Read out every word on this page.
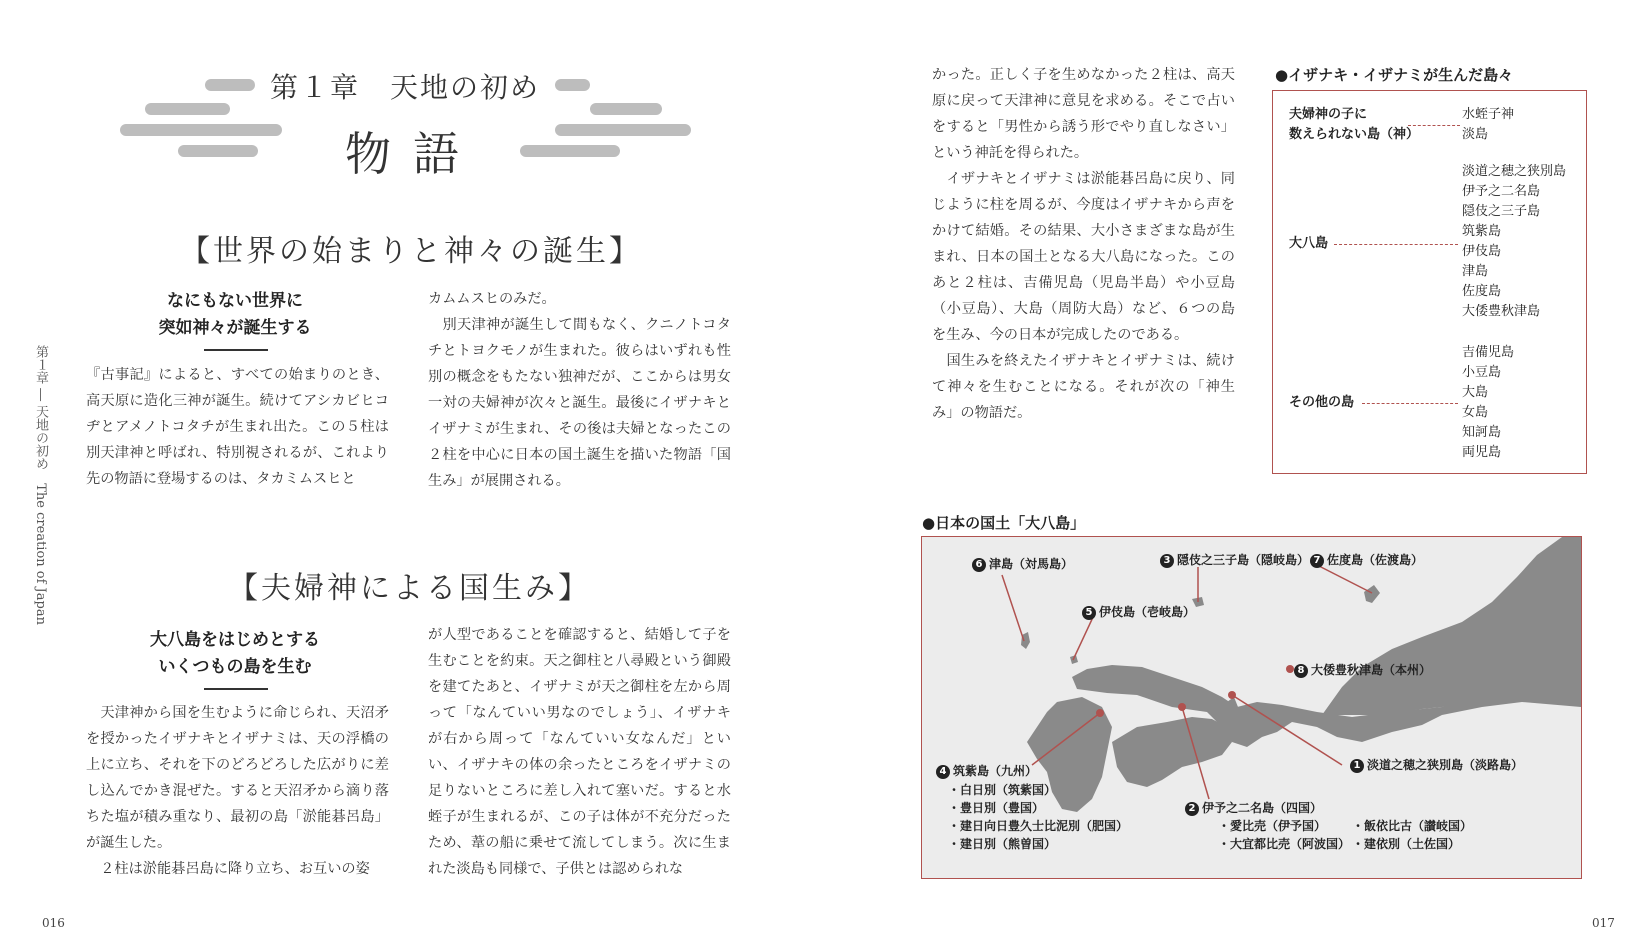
第１章　天地の初め
物語
第１章 ― 天地の初め　The creation of Japan
【世界の始まりと神々の誕生】
なにもない世界に
突如神々が誕生する
『古事記』によると、すべての始まりのとき、高天原に造化三神が誕生。続けてアシカビヒコヂとアメノトコタチが生まれ出た。この５柱は別天津神と呼ばれ、特別視されるが、これより先の物語に登場するのは、タカミムスヒと
カムムスヒのみだ。
　別天津神が誕生して間もなく、クニノトコタチとトヨクモノが生まれた。彼らはいずれも性別の概念をもたない独神だが、ここからは男女一対の夫婦神が次々と誕生。最後にイザナキとイザナミが生まれ、その後は夫婦となったこの２柱を中心に日本の国土誕生を描いた物語「国生み」が展開される。
【夫婦神による国生み】
大八島をはじめとする
いくつもの島を生む
　天津神から国を生むように命じられ、天沼矛を授かったイザナキとイザナミは、天の浮橋の上に立ち、それを下のどろどろした広がりに差し込んでかき混ぜた。すると天沼矛から滴り落ちた塩が積み重なり、最初の島「淤能碁呂島」が誕生した。
　２柱は淤能碁呂島に降り立ち、お互いの姿
が人型であることを確認すると、結婚して子を生むことを約束。天之御柱と八尋殿という御殿を建てたあと、イザナミが天之御柱を左から周って「なんていい男なのでしょう」、イザナキが右から周って「なんていい女なんだ」といい、イザナキの体の余ったところをイザナミの足りないところに差し入れて塞いだ。すると水蛭子が生まれるが、この子は体が不充分だったため、葦の船に乗せて流してしまう。次に生まれた淡島も同様で、子供とは認められな
016
かった。正しく子を生めなかった２柱は、高天原に戻って天津神に意見を求める。そこで占いをすると「男性から誘う形でやり直しなさい」という神託を得られた。
　イザナキとイザナミは淤能碁呂島に戻り、同じように柱を周るが、今度はイザナキから声をかけて結婚。その結果、大小さまざまな島が生まれ、日本の国土となる大八島になった。このあと２柱は、吉備児島（児島半島）や小豆島（小豆島）、大島（周防大島）など、６つの島を生み、今の日本が完成したのである。
　国生みを終えたイザナキとイザナミは、続けて神々を生むことになる。それが次の「神生み」の物語だ。
●イザナキ・イザナミが生んだ島々
夫婦神の子に
数えられない島（神）
水蛭子神
淡島
大八島
淡道之穂之狭別島
伊予之二名島
隠伎之三子島
筑紫島
伊伎島
津島
佐度島
大倭豊秋津島
その他の島
吉備児島
小豆島
大島
女島
知訶島
両児島
●日本の国土「大八島」
6 津島（対馬島）	3 隠伎之三子島（隠岐島） 7 佐度島（佐渡島）
5 伊伎島（壱岐島）
8 大倭豊秋津島（本州）
1 淡道之穂之狭別島（淡路島）
4 筑紫島（九州）
・白日別（筑紫国）
・豊日別（豊国）
・建日向日豊久士比泥別（肥国）
・建日別（熊曽国）
2 伊予之二名島（四国）
・愛比売（伊予国）
・大宜都比売（阿波国）
・飯依比古（讃岐国）
・建依別（土佐国）
017
